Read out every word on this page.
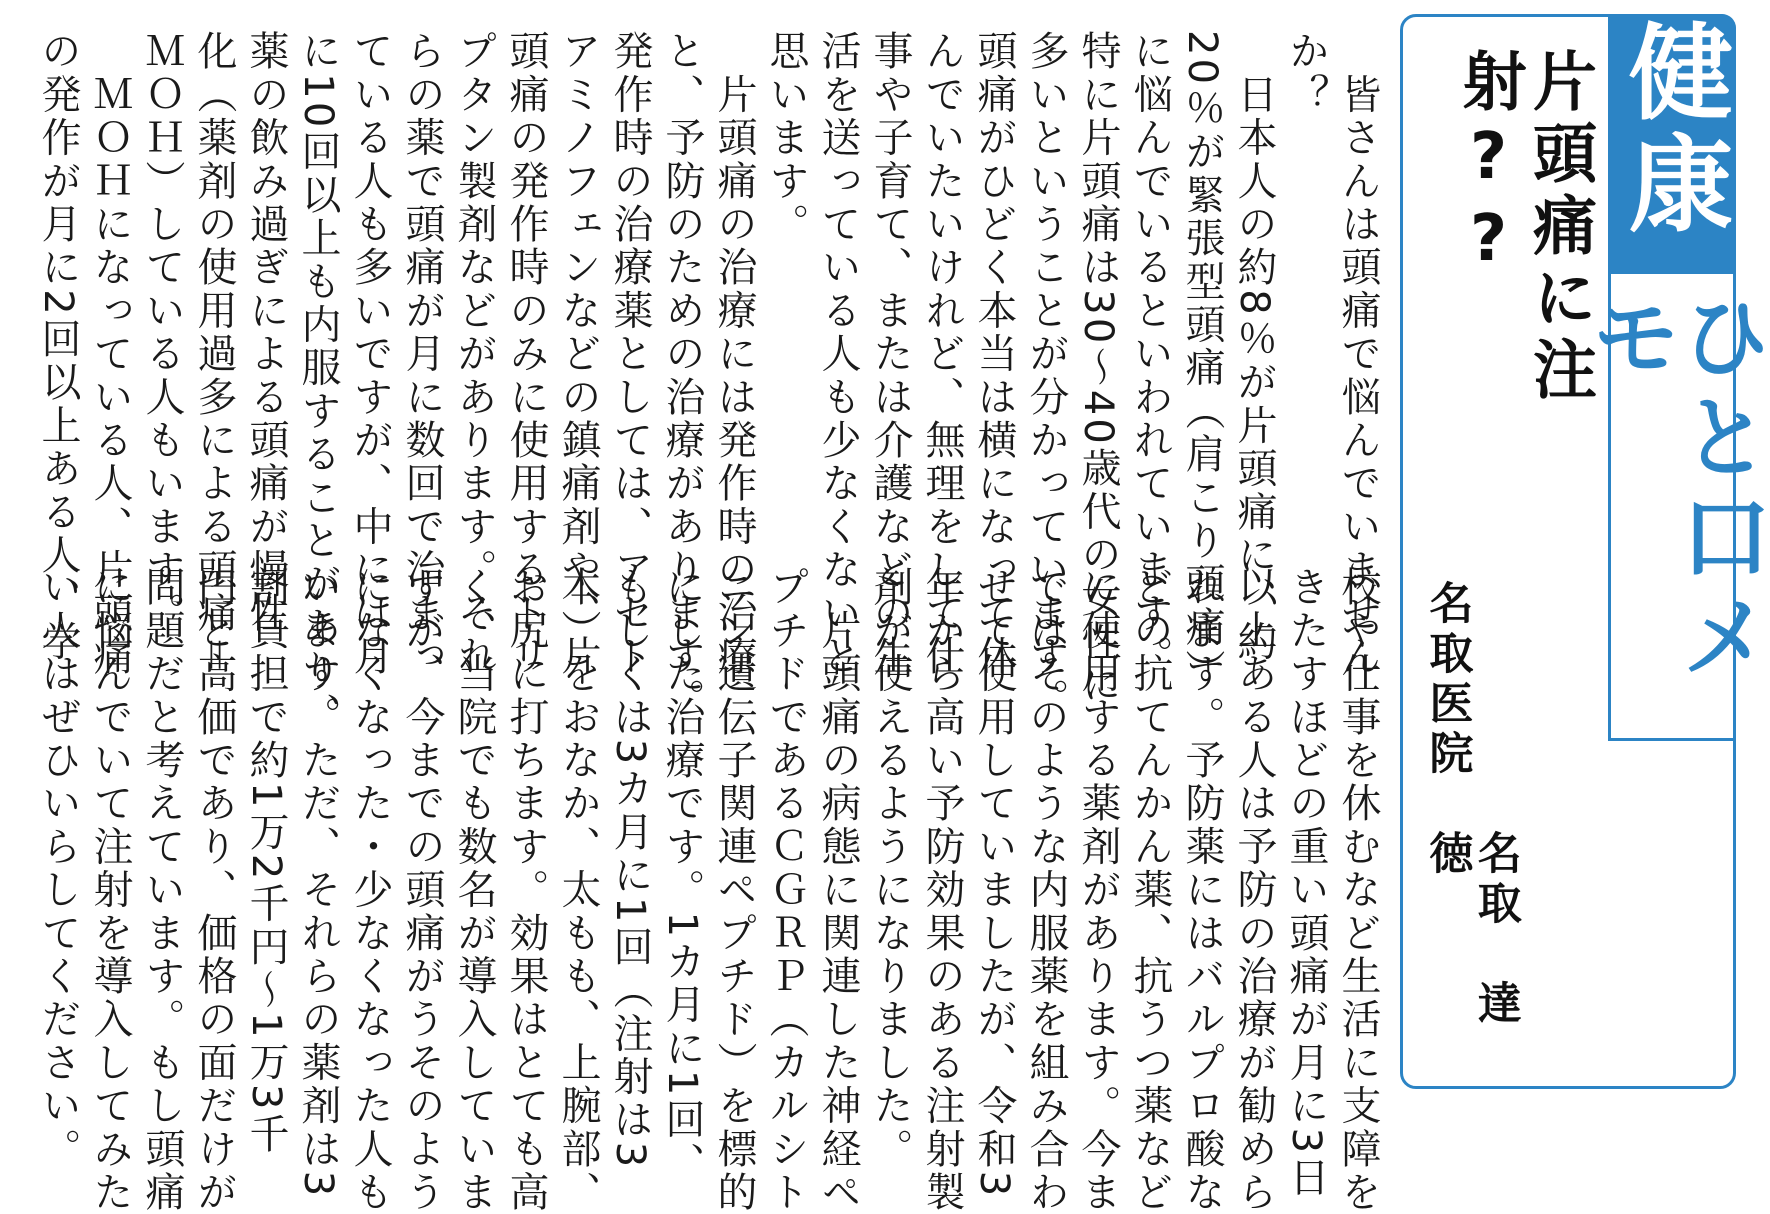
健康
ひと口メモ
片頭痛に注射??
名取医院
名取　達徳
　皆さんは頭痛で悩んでいません
か？
　日本人の約8％が片頭痛に、約
20％が緊張型頭痛（肩こり頭痛）
に悩んでいるといわれています。
特に片頭痛は30～40歳代の女性に
多いということが分かっています。
頭痛がひどく本当は横になって休
んでいたいけれど、無理をして仕
事や子育て、または介護などの生
活を送っている人も少なくないと
思います。
　片頭痛の治療には発作時の治療
と、予防のための治療があります。
発作時の治療薬としては、アセト
アミノフェンなどの鎮痛剤や、片
頭痛の発作時のみに使用するトリ
プタン製剤などがあります。それ
らの薬で頭痛が月に数回で治まっ
ている人も多いですが、中には月
に10回以上も内服することがあり、
薬の飲み過ぎによる頭痛が慢性
化（薬剤の使用過多による頭痛＝
ＭＯＨ）している人もいます。
　ＭＯＨになっている人、片頭痛
の発作が月に2回以上ある人、学
校や仕事を休むなど生活に支障を
きたすほどの重い頭痛が月に3日
以上ある人は予防の治療が勧めら
れます。予防薬にはバルプロ酸な
どの抗てんかん薬、抗うつ薬など
に使用する薬剤があります。今ま
ではそのような内服薬を組み合わ
せて使用していましたが、令和3
年から高い予防効果のある注射製
剤が使えるようになりました。
　片頭痛の病態に関連した神経ペ
プチドであるＣＧＲＰ（カルシト
ニン遺伝子関連ペプチド）を標的
にした治療です。1カ月に1回、
もしくは3カ月に1回（注射は3
本）をおなか、太もも、上腕部、
お尻に打ちます。効果はとても高
く、当院でも数名が導入していま
すが、今までの頭痛がうそのよう
になくなった・少なくなった人も
います。ただ、それらの薬剤は3
割負担で約1万2千円～1万3千
円と高価であり、価格の面だけが
問題だと考えています。もし頭痛
に悩んでいて注射を導入してみた
い人はぜひいらしてください。
